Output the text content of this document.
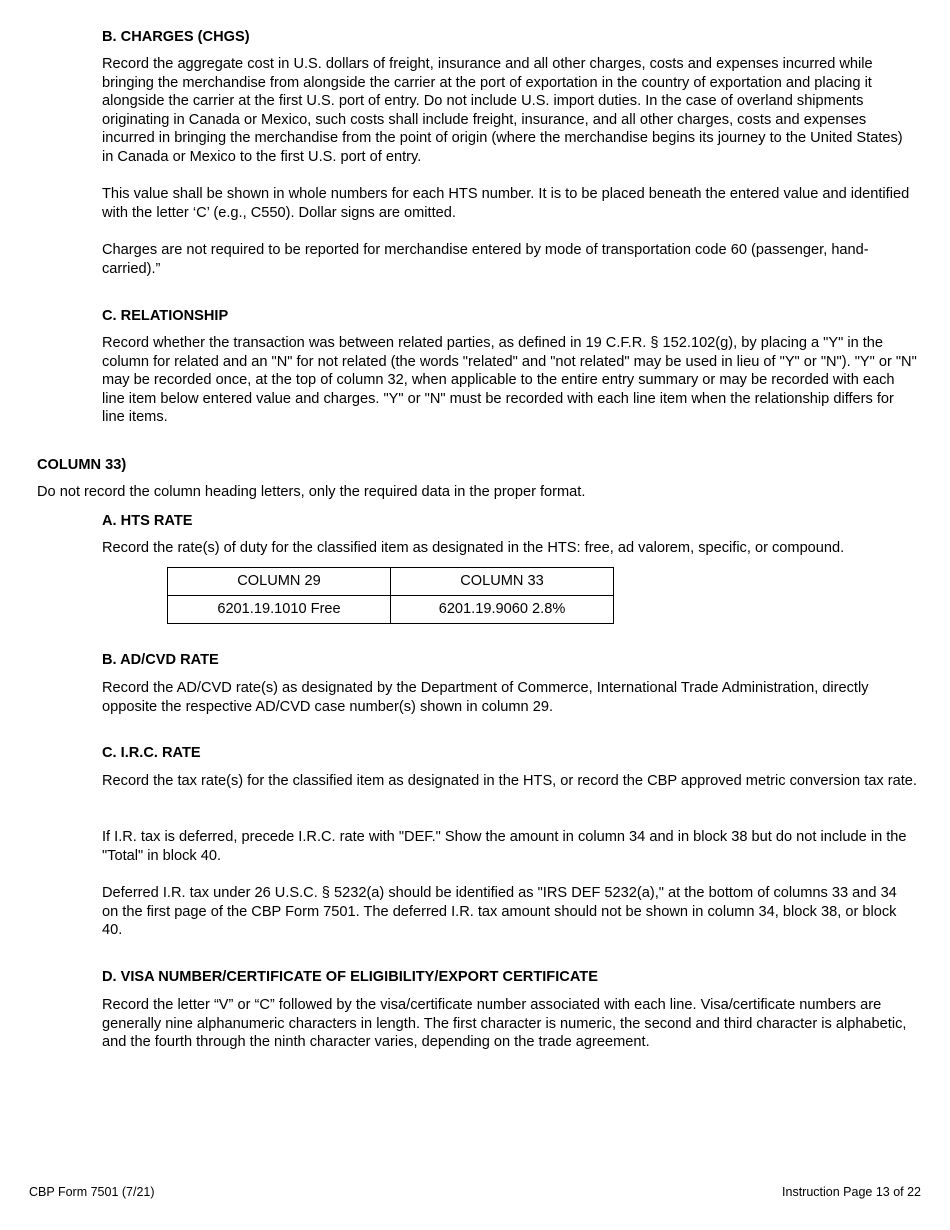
B. CHARGES (CHGS)

Record the aggregate cost in U.S. dollars of freight, insurance and all other charges, costs and expenses incurred while bringing the merchandise from alongside the carrier at the port of exportation in the country of exportation and placing it alongside the carrier at the first U.S. port of entry. Do not include U.S. import duties. In the case of overland shipments originating in Canada or Mexico, such costs shall include freight, insurance, and all other charges, costs and expenses incurred in bringing the merchandise from the point of origin (where the merchandise begins its journey to the United States) in Canada or Mexico to the first U.S. port of entry.

This value shall be shown in whole numbers for each HTS number. It is to be placed beneath the entered value and identified with the letter ‘C’ (e.g., C550). Dollar signs are omitted.

Charges are not required to be reported for merchandise entered by mode of transportation code 60 (passenger, hand-carried).”

C. RELATIONSHIP

Record whether the transaction was between related parties, as defined in 19 C.F.R. § 152.102(g), by placing a "Y" in the column for related and an "N" for not related (the words "related" and "not related" may be used in lieu of "Y" or "N"). "Y" or "N" may be recorded once, at the top of column 32, when applicable to the entire entry summary or may be recorded with each line item below entered value and charges. "Y" or "N" must be recorded with each line item when the relationship differs for line items.

COLUMN 33)

Do not record the column heading letters, only the required data in the proper format.

A. HTS RATE

Record the rate(s) of duty for the classified item as designated in the HTS: free, ad valorem, specific, or compound.

COLUMN 29	COLUMN 33
6201.19.1010 Free	6201.19.9060 2.8%
B. AD/CVD RATE

Record the AD/CVD rate(s) as designated by the Department of Commerce, International Trade Administration, directly opposite the respective AD/CVD case number(s) shown in column 29.

C. I.R.C. RATE

Record the tax rate(s) for the classified item as designated in the HTS, or record the CBP approved metric conversion tax rate.

If I.R. tax is deferred, precede I.R.C. rate with "DEF." Show the amount in column 34 and in block 38 but do not include in the "Total" in block 40.

Deferred I.R. tax under 26 U.S.C. § 5232(a) should be identified as "IRS DEF 5232(a)," at the bottom of columns 33 and 34 on the first page of the CBP Form 7501. The deferred I.R. tax amount should not be shown in column 34, block 38, or block 40.

D. VISA NUMBER/CERTIFICATE OF ELIGIBILITY/EXPORT CERTIFICATE

Record the letter “V” or “C” followed by the visa/certificate number associated with each line. Visa/certificate numbers are generally nine alphanumeric characters in length. The first character is numeric, the second and third character is alphabetic, and the fourth through the ninth character varies, depending on the trade agreement.

CBP Form 7501 (7/21)	Instruction Page 13 of 22
